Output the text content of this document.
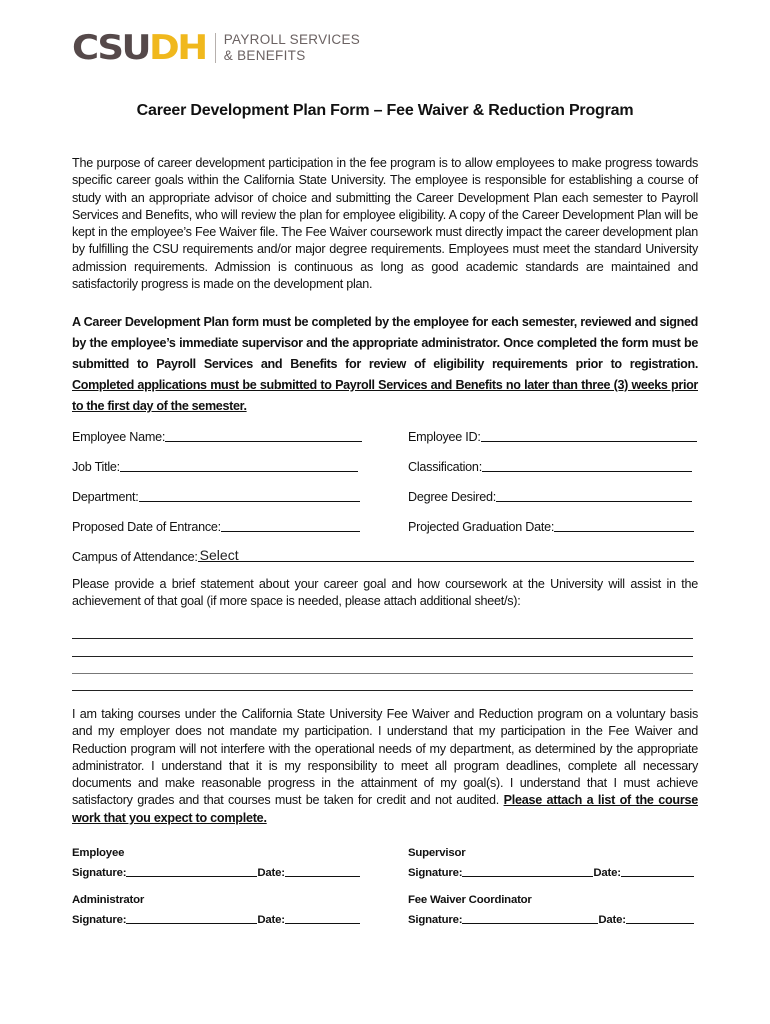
CSU DH PAYROLL SERVICES
& BENEFITS
Career Development Plan Form – Fee Waiver & Reduction Program
The purpose of career development participation in the fee program is to allow employees to make progress towards specific career goals within the California State University. The employee is responsible for establishing a course of study with an appropriate advisor of choice and submitting the Career Development Plan each semester to Payroll Services and Benefits, who will review the plan for employee eligibility. A copy of the Career Development Plan will be kept in the employee’s Fee Waiver file. The Fee Waiver coursework must directly impact the career development plan by fulfilling the CSU requirements and/or major degree requirements. Employees must meet the standard University admission requirements. Admission is continuous as long as good academic standards are maintained and satisfactorily progress is made on the development plan.
A Career Development Plan form must be completed by the employee for each semester, reviewed and signed by the employee’s immediate supervisor and the appropriate administrator. Once completed the form must be submitted to Payroll Services and Benefits for review of eligibility requirements prior to registration. Completed applications must be submitted to Payroll Services and Benefits no later than three (3) weeks prior to the first day of the semester.
Employee Name:	Employee ID:
Job Title:	Classification:
Department:	Degree Desired:
Proposed Date of Entrance:	Projected Graduation Date:
Campus of Attendance: Select
Please provide a brief statement about your career goal and how coursework at the University will assist in the achievement of that goal (if more space is needed, please attach additional sheet/s):
I am taking courses under the California State University Fee Waiver and Reduction program on a voluntary basis and my employer does not mandate my participation. I understand that my participation in the Fee Waiver and Reduction program will not interfere with the operational needs of my department, as determined by the appropriate administrator. I understand that it is my responsibility to meet all program deadlines, complete all necessary documents and make reasonable progress in the attainment of my goal(s). I understand that I must achieve satisfactory grades and that courses must be taken for credit and not audited. Please attach a list of the course work that you expect to complete.
Employee
Signature:	Date:
Supervisor
Signature:	Date:
Administrator
Signature:	Date:
Fee Waiver Coordinator
Signature:	Date:
